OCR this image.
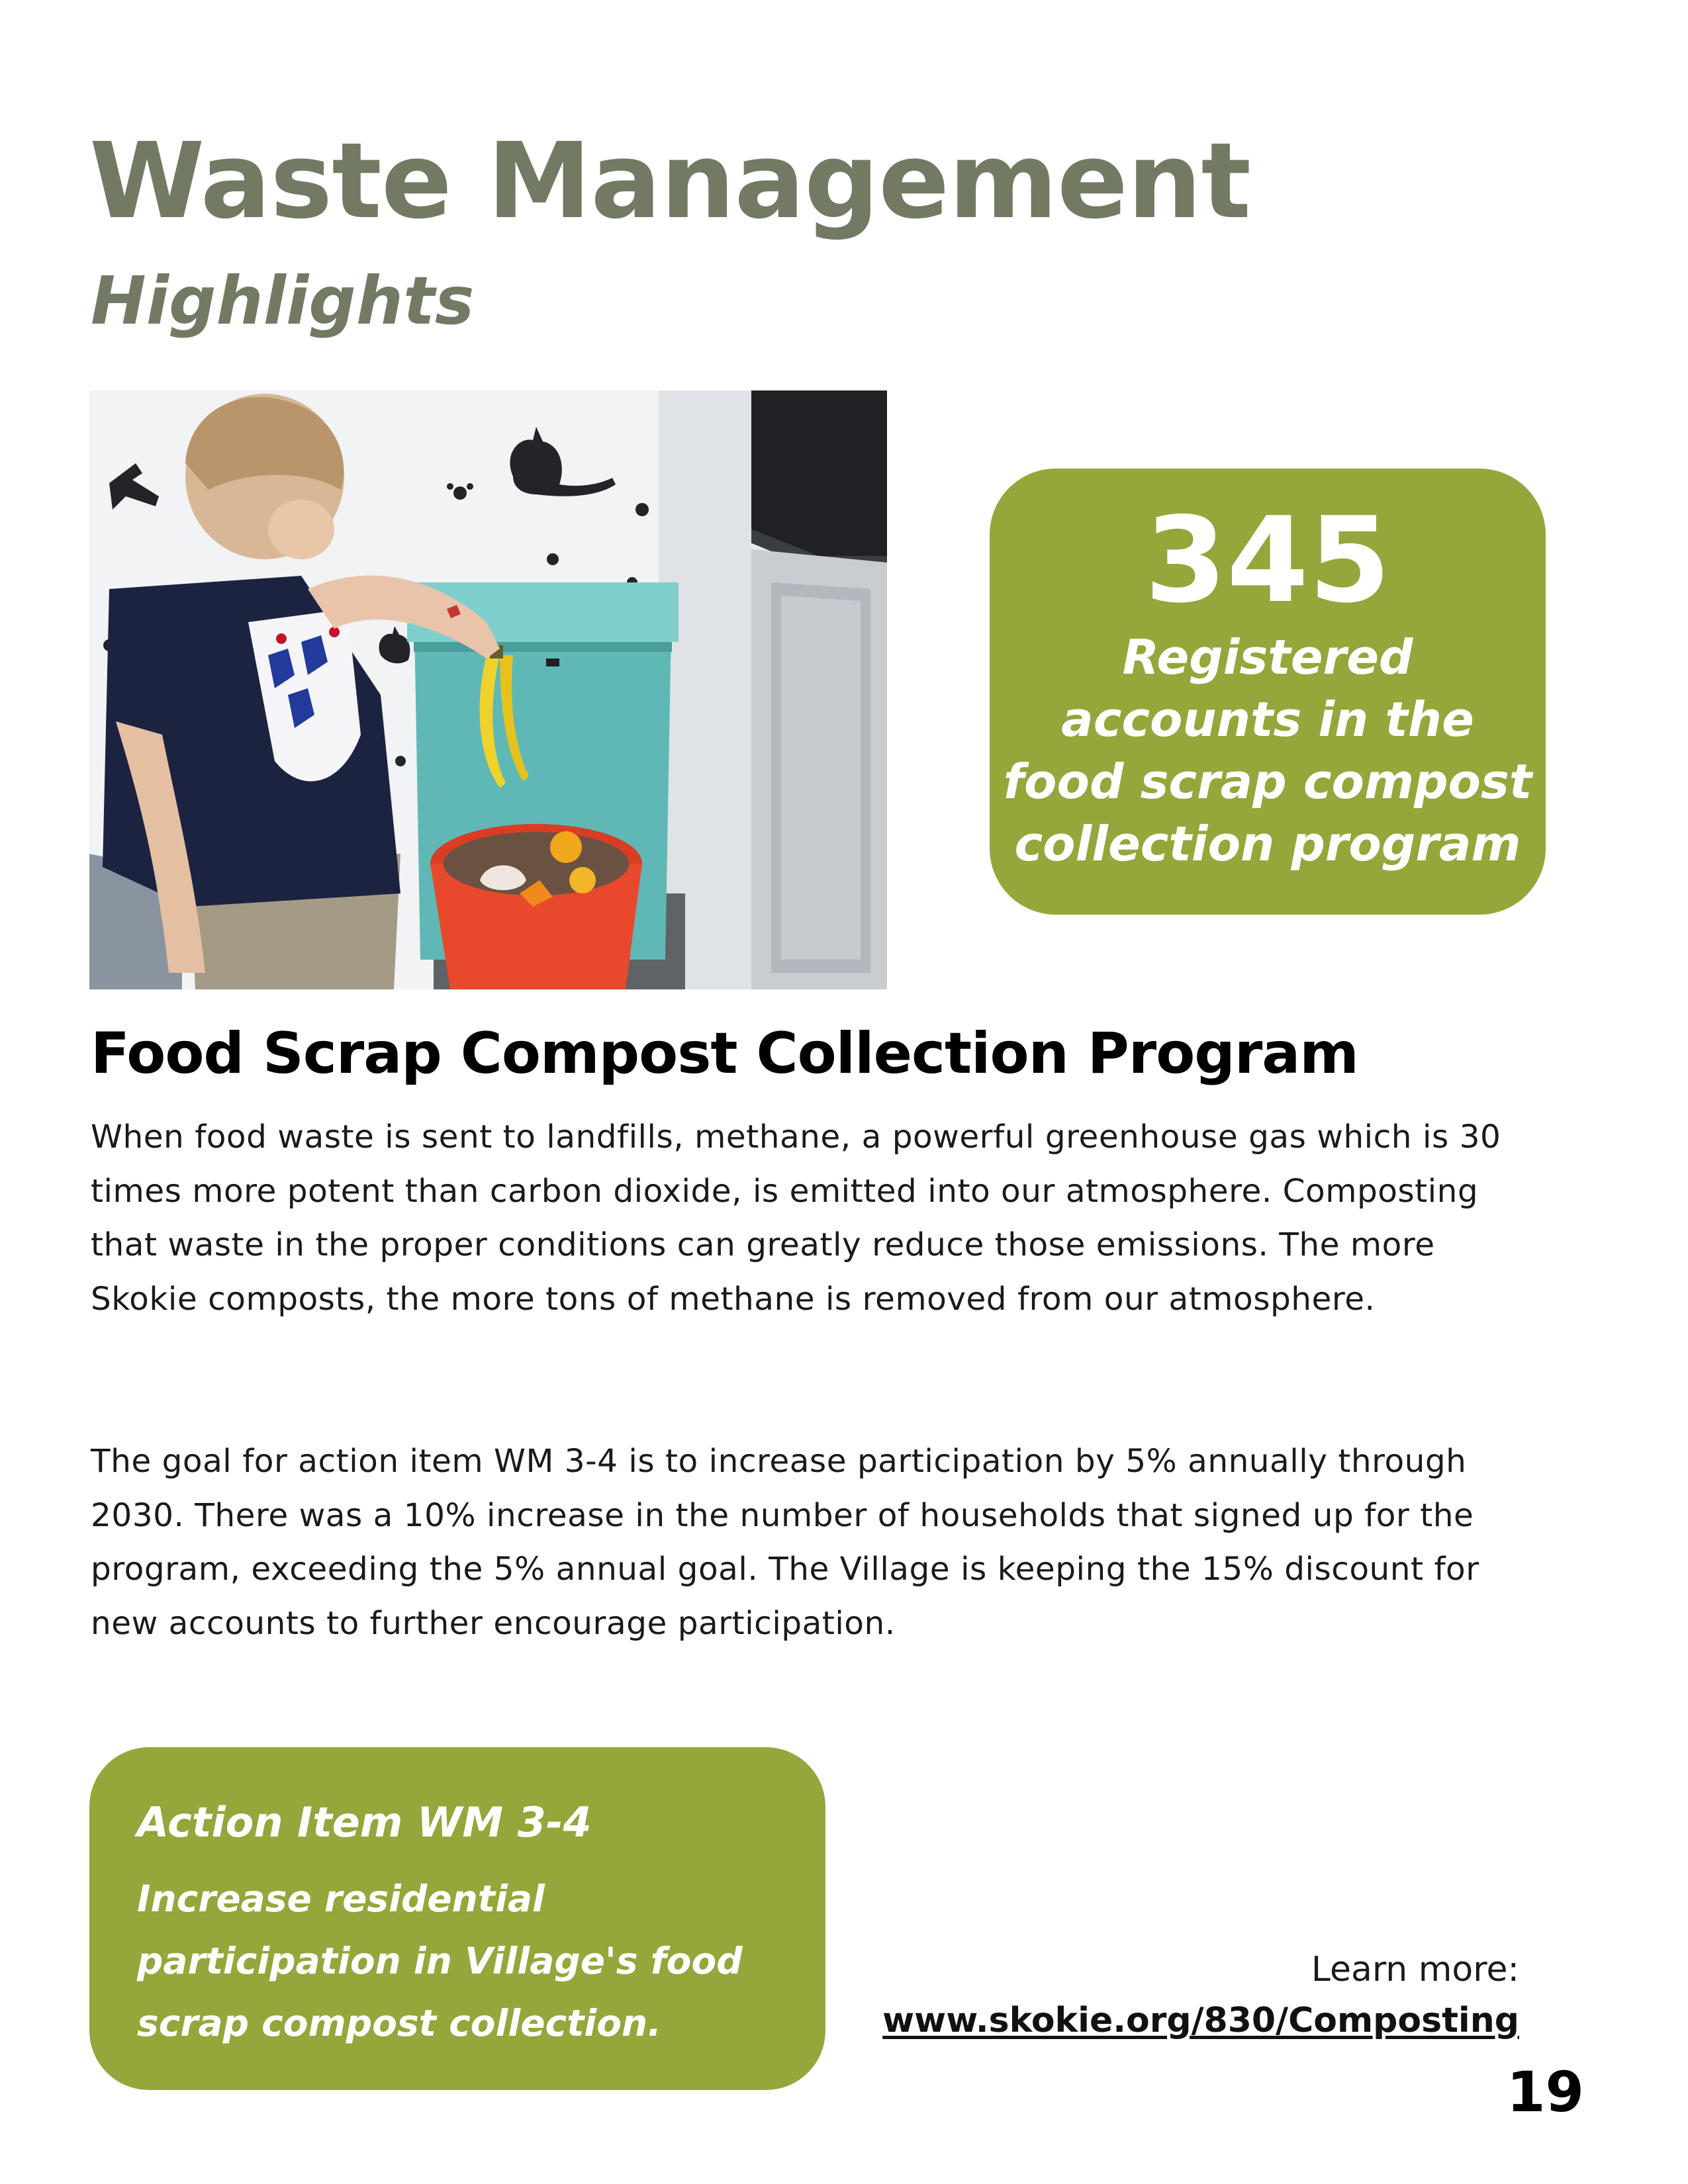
Waste Management
Highlights
345
Registered accounts in the food scrap compost collection program
Food Scrap Compost Collection Program

When food waste is sent to landfills, methane, a powerful greenhouse gas which is 30 times more potent than carbon dioxide, is emitted into our atmosphere. Composting that waste in the proper conditions can greatly reduce those emissions. The more Skokie composts, the more tons of methane is removed from our atmosphere.

The goal for action item WM 3-4 is to increase participation by 5% annually through 2030. There was a 10% increase in the number of households that signed up for the program, exceeding the 5% annual goal. The Village is keeping the 15% discount for new accounts to further encourage participation.

Action Item WM 3-4
Increase residential participation in Village's food scrap compost collection.
Learn more:
www.skokie.org/830/Composting
19
